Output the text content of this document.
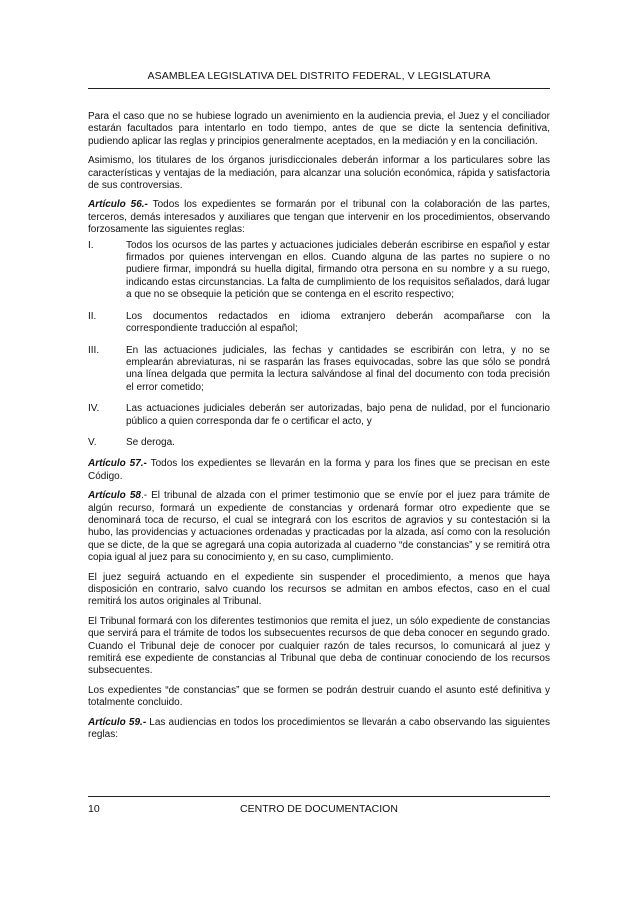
ASAMBLEA LEGISLATIVA DEL DISTRITO FEDERAL, V LEGISLATURA

Para el caso que no se hubiese logrado un avenimiento en la audiencia previa, el Juez y el conciliador estarán facultados para intentarlo en todo tiempo, antes de que se dicte la sentencia definitiva, pudiendo aplicar las reglas y principios generalmente aceptados, en la mediación y en la conciliación.

Asimismo, los titulares de los órganos jurisdiccionales deberán informar a los particulares sobre las características y ventajas de la mediación, para alcanzar una solución económica, rápida y satisfactoria de sus controversias.

Artículo 56.- Todos los expedientes se formarán por el tribunal con la colaboración de las partes, terceros, demás interesados y auxiliares que tengan que intervenir en los procedimientos, observando forzosamente las siguientes reglas:

I.	Todos los ocursos de las partes y actuaciones judiciales deberán escribirse en español y estar firmados por quienes intervengan en ellos. Cuando alguna de las partes no supiere o no pudiere firmar, impondrá su huella digital, firmando otra persona en su nombre y a su ruego, indicando estas circunstancias. La falta de cumplimiento de los requisitos señalados, dará lugar a que no se obsequie la petición que se contenga en el escrito respectivo;
II.	Los documentos redactados en idioma extranjero deberán acompañarse con la correspondiente traducción al español;
III.	En las actuaciones judiciales, las fechas y cantidades se escribirán con letra, y no se emplearán abreviaturas, ni se rasparán las frases equivocadas, sobre las que sólo se pondrá una línea delgada que permita la lectura salvándose al final del documento con toda precisión el error cometido;
IV.	Las actuaciones judiciales deberán ser autorizadas, bajo pena de nulidad, por el funcionario público a quien corresponda dar fe o certificar el acto, y
V.	Se deroga.

Artículo 57.- Todos los expedientes se llevarán en la forma y para los fines que se precisan en este Código.

Artículo 58.- El tribunal de alzada con el primer testimonio que se envíe por el juez para trámite de algún recurso, formará un expediente de constancias y ordenará formar otro expediente que se denominará toca de recurso, el cual se integrará con los escritos de agravios y su contestación si la hubo, las providencias y actuaciones ordenadas y practicadas por la alzada, así como con la resolución que se dicte, de la que se agregará una copia autorizada al cuaderno “de constancias” y se remitirá otra copia igual al juez para su conocimiento y, en su caso, cumplimiento.

El juez seguirá actuando en el expediente sin suspender el procedimiento, a menos que haya disposición en contrario, salvo cuando los recursos se admitan en ambos efectos, caso en el cual remitirá los autos originales al Tribunal.

El Tribunal formará con los diferentes testimonios que remita el juez, un sólo expediente de constancias que servirá para el trámite de todos los subsecuentes recursos de que deba conocer en segundo grado. Cuando el Tribunal deje de conocer por cualquier razón de tales recursos, lo comunicará al juez y remitirá ese expediente de constancias al Tribunal que deba de continuar conociendo de los recursos subsecuentes.

Los expedientes “de constancias” que se formen se podrán destruir cuando el asunto esté definitiva y totalmente concluido.

Artículo 59.- Las audiencias en todos los procedimientos se llevarán a cabo observando las siguientes reglas:

10	CENTRO DE DOCUMENTACION
